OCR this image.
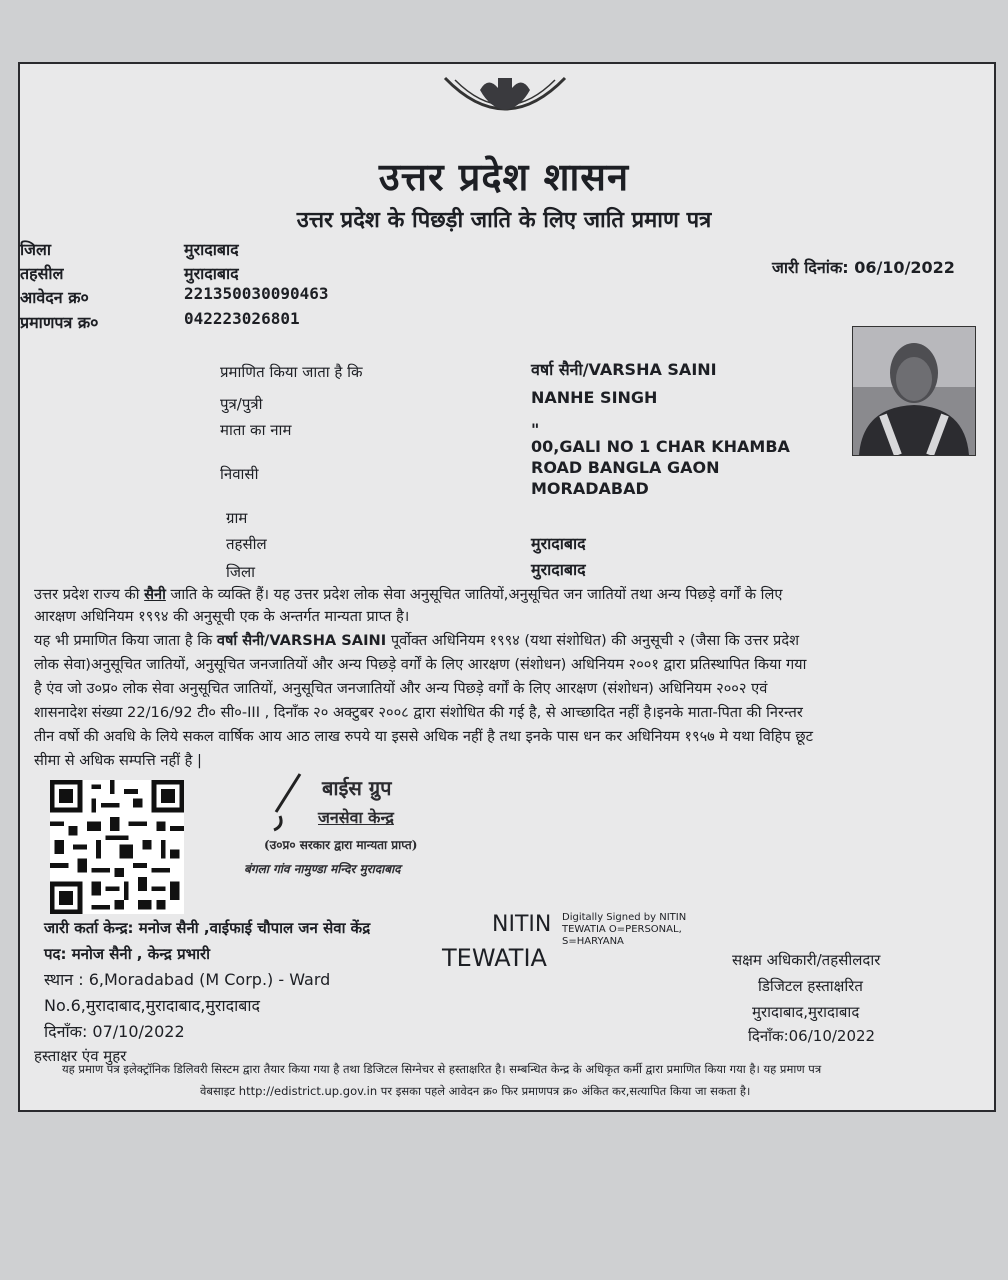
उत्तर प्रदेश शासन
उत्तर प्रदेश के पिछड़ी जाति के लिए जाति प्रमाण पत्र
जिला	मुरादाबाद
तहसील	मुरादाबाद
आवेदन क्र०	221350030090463
प्रमाणपत्र क्र०	042223026801
जारी दिनांक: 06/10/2022
प्रमाणित किया जाता है कि	वर्षा सैनी/VARSHA SAINI
पुत्र/पुत्री	NANHE SINGH
माता का नाम	"
निवासी
00,GALI NO 1 CHAR KHAMBA
ROAD BANGLA GAON
MORADABAD
ग्राम
तहसील	मुरादाबाद
जिला	मुरादाबाद
उत्तर प्रदेश राज्य की सैनी जाति के व्यक्ति हैं। यह उत्तर प्रदेश लोक सेवा अनुसूचित जातियों,अनुसूचित जन जातियों तथा अन्य पिछड़े वर्गों के लिए
आरक्षण अधिनियम १९९४ की अनुसूची एक के अन्तर्गत मान्यता प्राप्त है।
यह भी प्रमाणित किया जाता है कि वर्षा सैनी/VARSHA SAINI पूर्वोक्त अधिनियम १९९४ (यथा संशोधित) की अनुसूची २ (जैसा कि उत्तर प्रदेश
लोक सेवा)अनुसूचित जातियों, अनुसूचित जनजातियों और अन्य पिछड़े वर्गों के लिए आरक्षण (संशोधन) अधिनियम २००१ द्वारा प्रतिस्थापित किया गया
है एंव जो उ०प्र० लोक सेवा अनुसूचित जातियों, अनुसूचित जनजातियों और अन्य पिछड़े वर्गों के लिए आरक्षण (संशोधन) अधिनियम २००२ एवं
शासनादेश संख्या 22/16/92 टी० सी०-III , दिनाँक २० अक्टुबर २००८ द्वारा संशोधित की गई है, से आच्छादित नहीं है।इनके माता-पिता की निरन्तर
तीन वर्षो की अवधि के लिये सकल वार्षिक आय आठ लाख रुपये या इससे अधिक नहीं है तथा इनके पास धन कर अधिनियम १९५७ मे यथा विहिप छूट
सीमा से अधिक सम्पत्ति नहीं है |
बाईस ग्रुप
जनसेवा केन्द्र
(उ०प्र० सरकार द्वारा मान्यता प्राप्त)
बंगला गांव नामुण्डा मन्दिर मुरादाबाद
जारी कर्ता केन्द्र: मनोज सैनी ,वाईफाई चौपाल जन सेवा केंद्र
पद: मनोज सैनी , केन्द्र प्रभारी
स्थान : 6,Moradabad (M Corp.) - Ward
No.6,मुरादाबाद,मुरादाबाद,मुरादाबाद
दिनाँक: 07/10/2022
हस्ताक्षर एंव मुहर
NITIN
TEWATIA
Digitally Signed by NITIN
TEWATIA O=PERSONAL,
S=HARYANA
सक्षम अधिकारी/तहसीलदार
डिजिटल हस्ताक्षरित
मुरादाबाद,मुरादाबाद
दिनाँक:06/10/2022
यह प्रमाण पत्र इलेक्ट्रॉनिक डिलिवरी सिस्टम द्वारा तैयार किया गया है तथा डिजिटल सिग्नेचर से हस्ताक्षरित है। सम्बन्धित केन्द्र के अधिकृत कर्मी द्वारा प्रमाणित किया गया है। यह प्रमाण पत्र
वेबसाइट http://edistrict.up.gov.in पर इसका पहले आवेदन क्र० फिर प्रमाणपत्र क्र० अंकित कर,सत्यापित किया जा सकता है।
